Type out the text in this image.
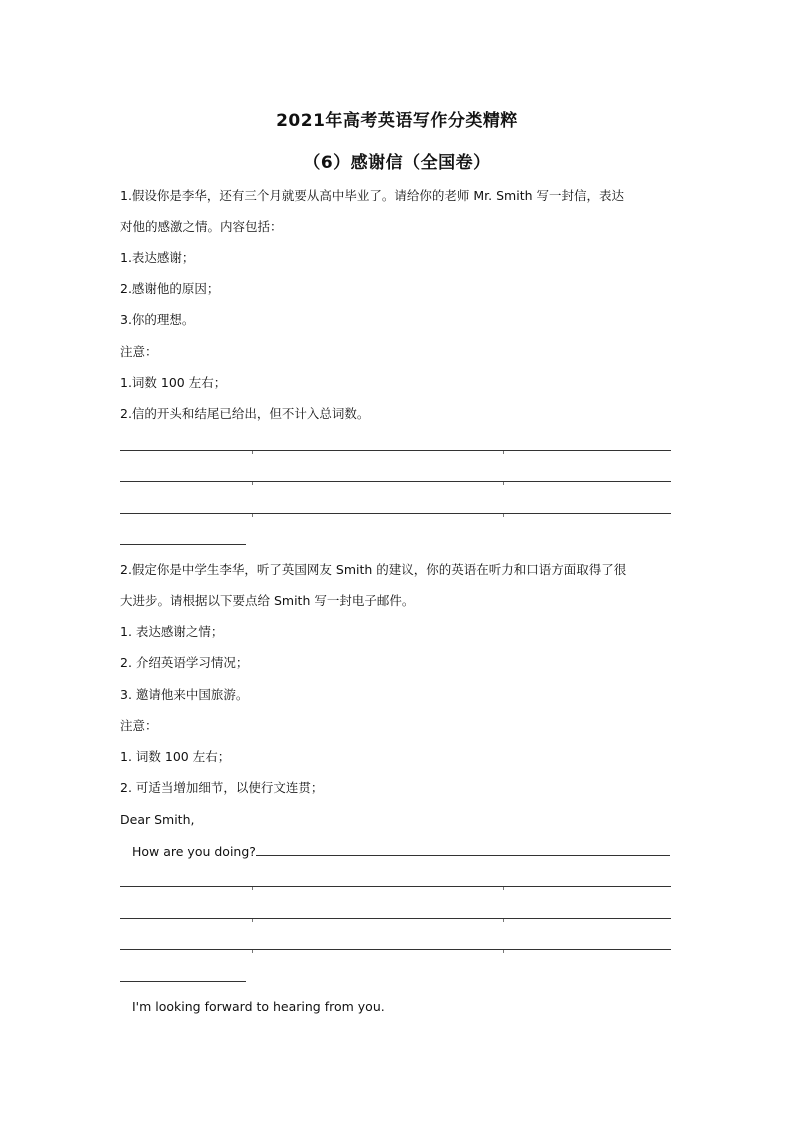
2021年高考英语写作分类精粹
（6）感谢信（全国卷）
1.假设你是李华，还有三个月就要从高中毕业了。请给你的老师 Mr. Smith 写一封信，表达
对他的感激之情。内容包括：
1.表达感谢；
2.感谢他的原因；
3.你的理想。
注意：
1.词数 100 左右；
2.信的开头和结尾已给出，但不计入总词数。
2.假定你是中学生李华，听了英国网友 Smith 的建议，你的英语在听力和口语方面取得了很
大进步。请根据以下要点给 Smith 写一封电子邮件。
1. 表达感谢之情；
2. 介绍英语学习情况；
3. 邀请他来中国旅游。
注意：
1. 词数 100 左右；
2. 可适当增加细节，以使行文连贯；
Dear Smith,
How are you doing?
I'm looking forward to hearing from you.
